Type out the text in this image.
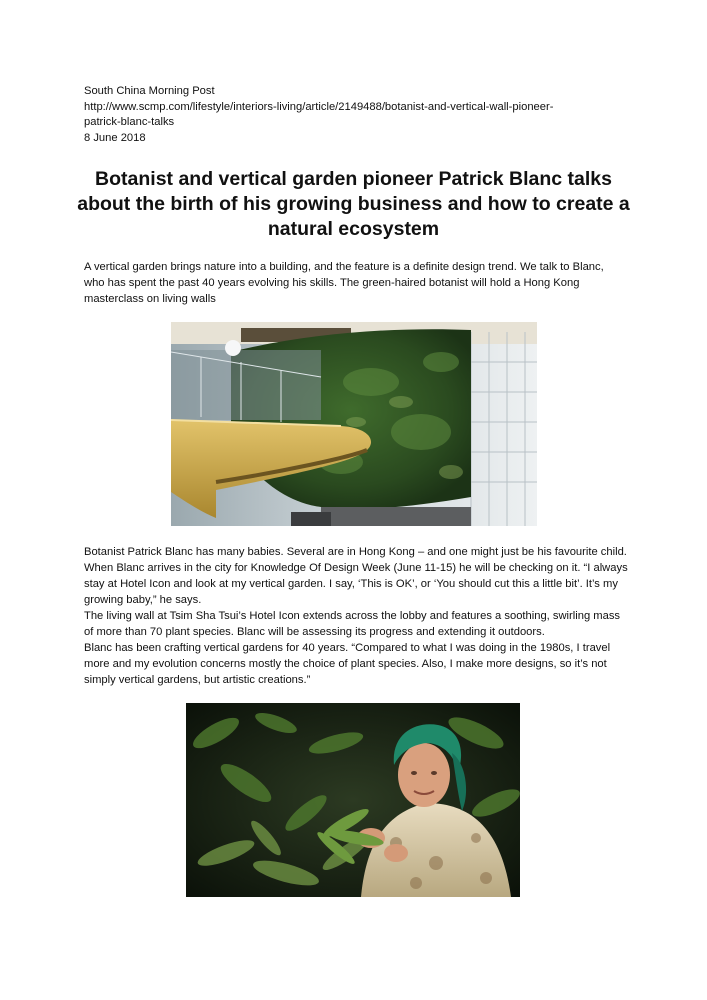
South China Morning Post
http://www.scmp.com/lifestyle/interiors-living/article/2149488/botanist-and-vertical-wall-pioneer-
patrick-blanc-talks
8 June 2018
Botanist and vertical garden pioneer Patrick Blanc talks about the birth of his growing business and how to create a natural ecosystem

A vertical garden brings nature into a building, and the feature is a definite design trend. We talk to Blanc, who has spent the past 40 years evolving his skills. The green-haired botanist will hold a Hong Kong masterclass on living walls

Botanist Patrick Blanc has many babies. Several are in Hong Kong – and one might just be his favourite child. When Blanc arrives in the city for Knowledge Of Design Week (June 11-15) he will be checking on it. “I always stay at Hotel Icon and look at my vertical garden. I say, ‘This is OK’, or ‘You should cut this a little bit’. It’s my growing baby,” he says.

The living wall at Tsim Sha Tsui’s Hotel Icon extends across the lobby and features a soothing, swirling mass of more than 70 plant species. Blanc will be assessing its progress and extending it outdoors.

Blanc has been crafting vertical gardens for 40 years. “Compared to what I was doing in the 1980s, I travel more and my evolution concerns mostly the choice of plant species. Also, I make more designs, so it’s not simply vertical gardens, but artistic creations.”
